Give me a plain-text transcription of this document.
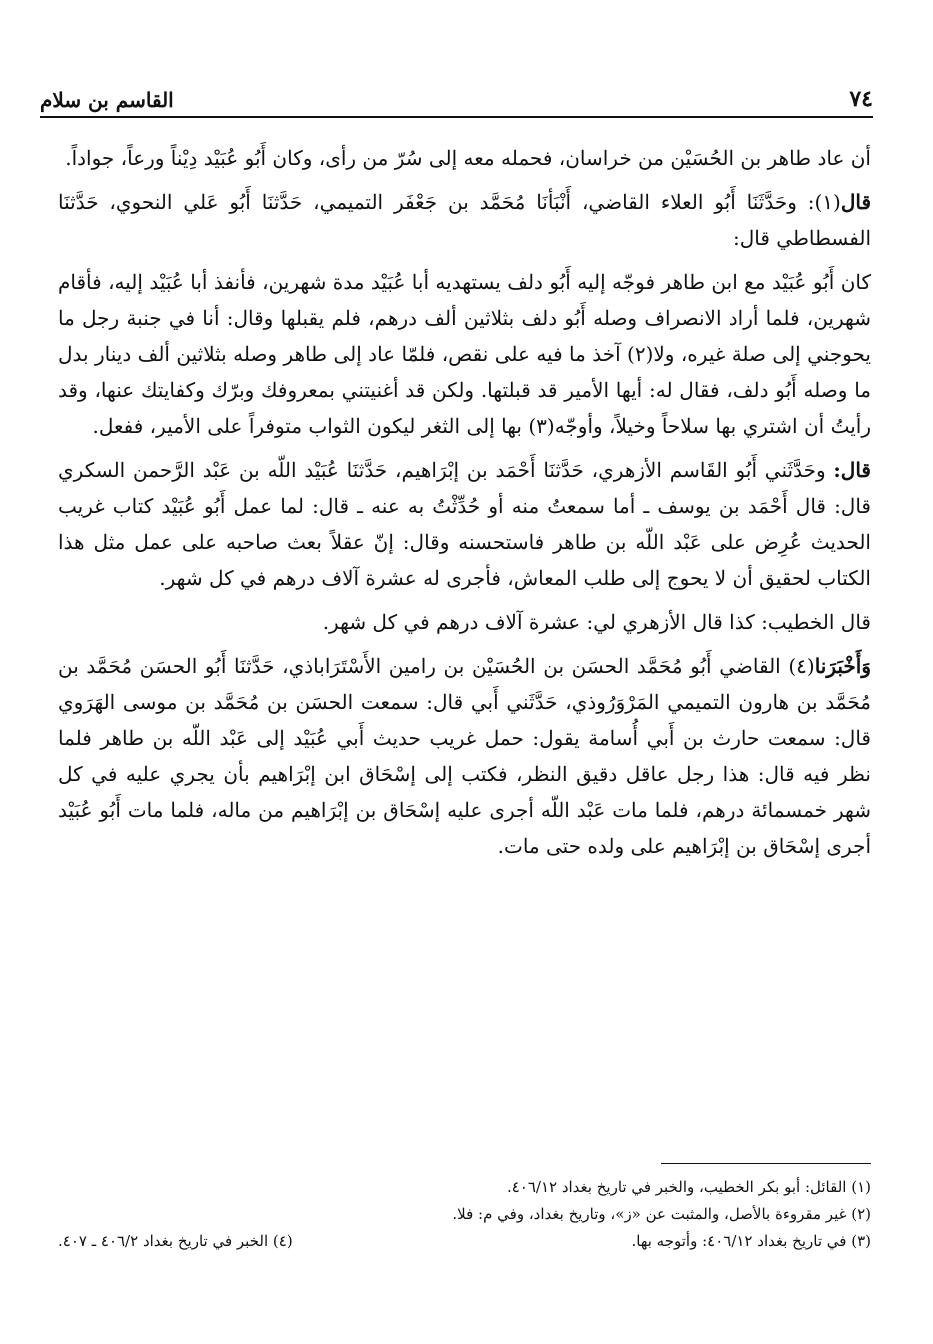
٧٤
القاسم بن سلام

أن عاد طاهر بن الحُسَيْن من خراسان، فحمله معه إلى سُرّ من رأى، وكان أَبُو عُبَيْد دِيْناً ورعاً، جواداً.

قال(١): وحَدَّثَنَا أَبُو العلاء القاضي، أَنْبَأنَا مُحَمَّد بن جَعْفَر التميمي، حَدَّثنَا أَبُو عَلي النحوي، حَدَّثنَا الفسطاطي قال:

كان أَبُو عُبَيْد مع ابن طاهر فوجّه إليه أَبُو دلف يستهديه أبا عُبَيْد مدة شهرين، فأنفذ أبا عُبَيْد إليه، فأقام شهرين، فلما أراد الانصراف وصله أَبُو دلف بثلاثين ألف درهم، فلم يقبلها وقال: أنا في جنبة رجل ما يحوجني إلى صلة غيره، ولا(٢) آخذ ما فيه على نقص، فلمّا عاد إلى طاهر وصله بثلاثين ألف دينار بدل ما وصله أَبُو دلف، فقال له: أيها الأمير قد قبلتها. ولكن قد أغنيتني بمعروفك وبرّك وكفايتك عنها، وقد رأيتُ أن اشتري بها سلاحاً وخيلاً، وأوجّه(٣) بها إلى الثغر ليكون الثواب متوفراً على الأمير، ففعل.

قال: وحَدَّثَني أَبُو القَاسم الأزهري، حَدَّثنَا أَحْمَد بن إبْرَاهيم، حَدَّثنَا عُبَيْد اللّه بن عَبْد الرَّحمن السكري قال: قال أَحْمَد بن يوسف ـ أما سمعتُ منه أو حُدِّثْتُ به عنه ـ قال: لما عمل أَبُو عُبَيْد كتاب غريب الحديث عُرِض على عَبْد اللّه بن طاهر فاستحسنه وقال: إنّ عقلاً بعث صاحبه على عمل مثل هذا الكتاب لحقيق أن لا يحوج إلى طلب المعاش، فأجرى له عشرة آلاف درهم في كل شهر.

قال الخطيب: كذا قال الأزهري لي: عشرة آلاف درهم في كل شهر.

وَأَخْبَرَنا(٤) القاضي أَبُو مُحَمَّد الحسَن بن الحُسَيْن بن رامين الأَسْتَرَاباذي، حَدَّثنَا أَبُو الحسَن مُحَمَّد بن مُحَمَّد بن هارون التميمي المَرْوَرُوذي، حَدَّثَني أَبي قال: سمعت الحسَن بن مُحَمَّد بن موسى الهَرَوي قال: سمعت حارث بن أَبي أُسامة يقول: حمل غريب حديث أَبي عُبَيْد إلى عَبْد اللّه بن طاهر فلما نظر فيه قال: هذا رجل عاقل دقيق النظر، فكتب إلى إسْحَاق ابن إبْرَاهيم بأن يجري عليه في كل شهر خمسمائة درهم، فلما مات عَبْد اللّه أجرى عليه إسْحَاق بن إبْرَاهيم من ماله، فلما مات أَبُو عُبَيْد أجرى إسْحَاق بن إبْرَاهيم على ولده حتى مات.

(١) القائل: أبو بكر الخطيب، والخبر في تاريخ بغداد ٤٠٦/١٢.
(٢) غير مقروءة بالأصل، والمثبت عن «ز»، وتاريخ بغداد، وفي م: فلا.
(٣) في تاريخ بغداد ٤٠٦/١٢: وأتوجه بها.
(٤) الخبر في تاريخ بغداد ٤٠٦/٢ ـ ٤٠٧.
